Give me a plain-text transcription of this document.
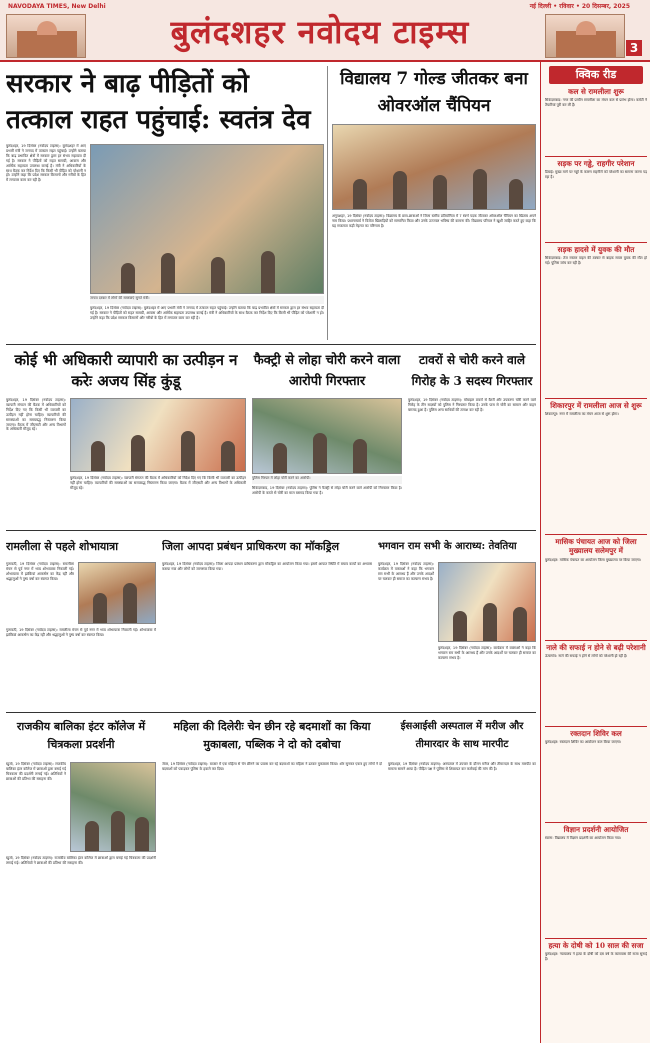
NAVODAYA TIMES, New Delhi	नई दिल्ली • रविवार • 20 दिसम्बर, 2025
बुलंदशहर नवोदय टाइम्स	3
सरकार ने बाढ़ पीड़ितों को तत्काल राहत पहुंचाई: स्वतंत्र देव
बुलंदशहर, 19 दिसंबर (नवोदय टाइम्स): बुलंदशहर में आए प्रभारी मंत्री ने जनपद में तत्काल राहत पहुंचाई। उन्होंने बताया कि बाढ़ प्रभावित क्षेत्रों में सरकार द्वारा हर संभव सहायता दी गई है। सरकार ने पीड़ितों को राहत सामग्री, आवास और आर्थिक सहायता उपलब्ध कराई है। मंत्री ने अधिकारियों के साथ बैठक कर निर्देश दिए कि किसी भी पीड़ित को परेशानी न हो। उन्होंने कहा कि प्रदेश सरकार किसानों और गरीबों के हित में लगातार काम कर रही है।
जनता दरबार में लोगों की समस्याएं सुनते मंत्री।
बुलंदशहर, 19 दिसंबर (नवोदय टाइम्स): बुलंदशहर में आए प्रभारी मंत्री ने जनपद में तत्काल राहत पहुंचाई। उन्होंने बताया कि बाढ़ प्रभावित क्षेत्रों में सरकार द्वारा हर संभव सहायता दी गई है। सरकार ने पीड़ितों को राहत सामग्री, आवास और आर्थिक सहायता उपलब्ध कराई है। मंत्री ने अधिकारियों के साथ बैठक कर निर्देश दिए कि किसी भी पीड़ित को परेशानी न हो। उन्होंने कहा कि प्रदेश सरकार किसानों और गरीबों के हित में लगातार काम कर रही है।
विद्यालय 7 गोल्ड जीतकर बना ओवरऑल चैंपियन
अनूपशहर, 19 दिसंबर (नवोदय टाइम्स): विद्यालय के छात्र-छात्राओं ने जिला स्तरीय प्रतियोगिता में 7 स्वर्ण पदक जीतकर ओवरऑल चैंपियन का खिताब अपने नाम किया। प्रधानाचार्य ने विजेता खिलाड़ियों को सम्मानित किया और उनके उज्ज्वल भविष्य की कामना की। विद्यालय परिवार ने खुशी जाहिर करते हुए कहा कि यह सफलता कड़ी मेहनत का परिणाम है।
कोई भी अधिकारी व्यापारी का उत्पीड़न न करेः अजय सिंह कुंडू
बुलंदशहर, 19 दिसंबर (नवोदय टाइम्स): व्यापारी संगठन की बैठक में अधिकारियों को निर्देश दिए गए कि किसी भी व्यापारी का उत्पीड़न नहीं होना चाहिए। व्यापारियों की समस्याओं का समयबद्ध निस्तारण किया जाएगा। बैठक में जीएसटी और अन्य विभागों के अधिकारी मौजूद रहे।
बुलंदशहर, 19 दिसंबर (नवोदय टाइम्स): व्यापारी संगठन की बैठक में अधिकारियों को निर्देश दिए गए कि किसी भी व्यापारी का उत्पीड़न नहीं होना चाहिए। व्यापारियों की समस्याओं का समयबद्ध निस्तारण किया जाएगा। बैठक में जीएसटी और अन्य विभागों के अधिकारी मौजूद रहे।
फैक्ट्री से लोहा चोरी करने वाला आरोपी गिरफ्तार
पुलिस गिरफ्त में लोहा चोरी करने का आरोपी।
सिकंदराबाद, 19 दिसंबर (नवोदय टाइम्स): पुलिस ने फैक्ट्री से लोहा चोरी करने वाले आरोपी को गिरफ्तार किया है। आरोपी के कब्जे से चोरी का माल बरामद किया गया है।
टावरों से चोरी करने वाले गिरोह के 3 सदस्य गिरफ्तार
बुलंदशहर, 19 दिसंबर (नवोदय टाइम्स): मोबाइल टावरों से बैटरी और उपकरण चोरी करने वाले गिरोह के तीन सदस्यों को पुलिस ने गिरफ्तार किया है। उनके पास से चोरी का सामान और वाहन बरामद हुआ है। पुलिस अन्य साथियों की तलाश कर रही है।
रामलीला से पहले शोभायात्रा
गुलावठी, 19 दिसंबर (नवोदय टाइम्स): रामलीला मंचन से पूर्व नगर में भव्य शोभायात्रा निकाली गई। शोभायात्रा में झांकियां आकर्षण का केंद्र रहीं और श्रद्धालुओं ने पुष्प वर्षा कर स्वागत किया।
गुलावठी, 19 दिसंबर (नवोदय टाइम्स): रामलीला मंचन से पूर्व नगर में भव्य शोभायात्रा निकाली गई। शोभायात्रा में झांकियां आकर्षण का केंद्र रहीं और श्रद्धालुओं ने पुष्प वर्षा कर स्वागत किया।
जिला आपदा प्रबंधन प्राधिकरण का मॉकड्रिल
बुलंदशहर, 19 दिसंबर (नवोदय टाइम्स): जिला आपदा प्रबंधन प्राधिकरण द्वारा मॉकड्रिल का आयोजन किया गया। इसमें आपात स्थिति में बचाव कार्यों का अभ्यास कराया गया और लोगों को जागरूक किया गया।
भगवान राम सभी के आराध्य: तेवतिया
बुलंदशहर, 19 दिसंबर (नवोदय टाइम्स): कार्यक्रम में वक्ताओं ने कहा कि भगवान राम सभी के आराध्य हैं और उनके आदर्शों पर चलकर ही समाज का कल्याण संभव है।
बुलंदशहर, 19 दिसंबर (नवोदय टाइम्स): कार्यक्रम में वक्ताओं ने कहा कि भगवान राम सभी के आराध्य हैं और उनके आदर्शों पर चलकर ही समाज का कल्याण संभव है।
राजकीय बालिका इंटर कॉलेज में चित्रकला प्रदर्शनी
खुर्जा, 19 दिसंबर (नवोदय टाइम्स): राजकीय बालिका इंटर कॉलेज में छात्राओं द्वारा बनाई गई चित्रकला की प्रदर्शनी लगाई गई। अतिथियों ने छात्राओं की प्रतिभा की सराहना की।
खुर्जा, 19 दिसंबर (नवोदय टाइम्स): राजकीय बालिका इंटर कॉलेज में छात्राओं द्वारा बनाई गई चित्रकला की प्रदर्शनी लगाई गई। अतिथियों ने छात्राओं की प्रतिभा की सराहना की।
महिला की दिलेरीः चेन छीन रहे बदमाशों का किया मुकाबला, पब्लिक ने दो को दबोचा
जेवर, 19 दिसंबर (नवोदय टाइम्स): बाजार में एक महिला से चेन छीनने का प्रयास कर रहे बदमाशों का महिला ने डटकर मुकाबला किया। शोर सुनकर एकत्र हुए लोगों ने दो बदमाशों को पकड़कर पुलिस के हवाले कर दिया।
ईसआईसी अस्पताल में मरीज और तीमारदार के साथ मारपीट
बुलंदशहर, 19 दिसंबर (नवोदय टाइम्स): अस्पताल में उपचार के दौरान मरीज और तीमारदार के साथ मारपीट का मामला सामने आया है। पीड़ित पक्ष ने पुलिस से शिकायत कर कार्रवाई की मांग की है।
क्विक रीड
कल से रामलीला शुरू
सिकंदराबाद: नगर की प्राचीन रामलीला का मंचन कल से प्रारंभ होगा। कमेटी ने तैयारियां पूरी कर ली हैं।
सड़क पर गड्ढे, राहगीर परेशान
डिबाई: मुख्य मार्ग पर गड्ढों के कारण राहगीरों को परेशानी का सामना करना पड़ रहा है।
सड़क हादसे में युवक की मौत
सिकंदराबाद: तेज रफ्तार वाहन की टक्कर से बाइक सवार युवक की मौत हो गई। पुलिस जांच कर रही है।
शिकारपुर में रामलीला आज से शुरू
शिकारपुर: नगर में रामलीला का मंचन आज से शुरू होगा।
मासिक पंचायत आज को जिला मुख्यालय सलेमपुर में
बुलंदशहर: मासिक पंचायत का आयोजन जिला मुख्यालय पर किया जाएगा।
नाले की सफाई न होने से बढ़ी परेशानी
ऊंचागांव: नाले की सफाई न होने से लोगों को परेशानी हो रही है।
रक्तदान शिविर कल
बुलंदशहर: रक्तदान शिविर का आयोजन कल किया जाएगा।
विज्ञान प्रदर्शनी आयोजित
स्याना: विद्यालय में विज्ञान प्रदर्शनी का आयोजन किया गया।
हत्या के दोषी को 10 साल की सजा
बुलंदशहर: न्यायालय ने हत्या के दोषी को दस वर्ष के कारावास की सजा सुनाई है।
